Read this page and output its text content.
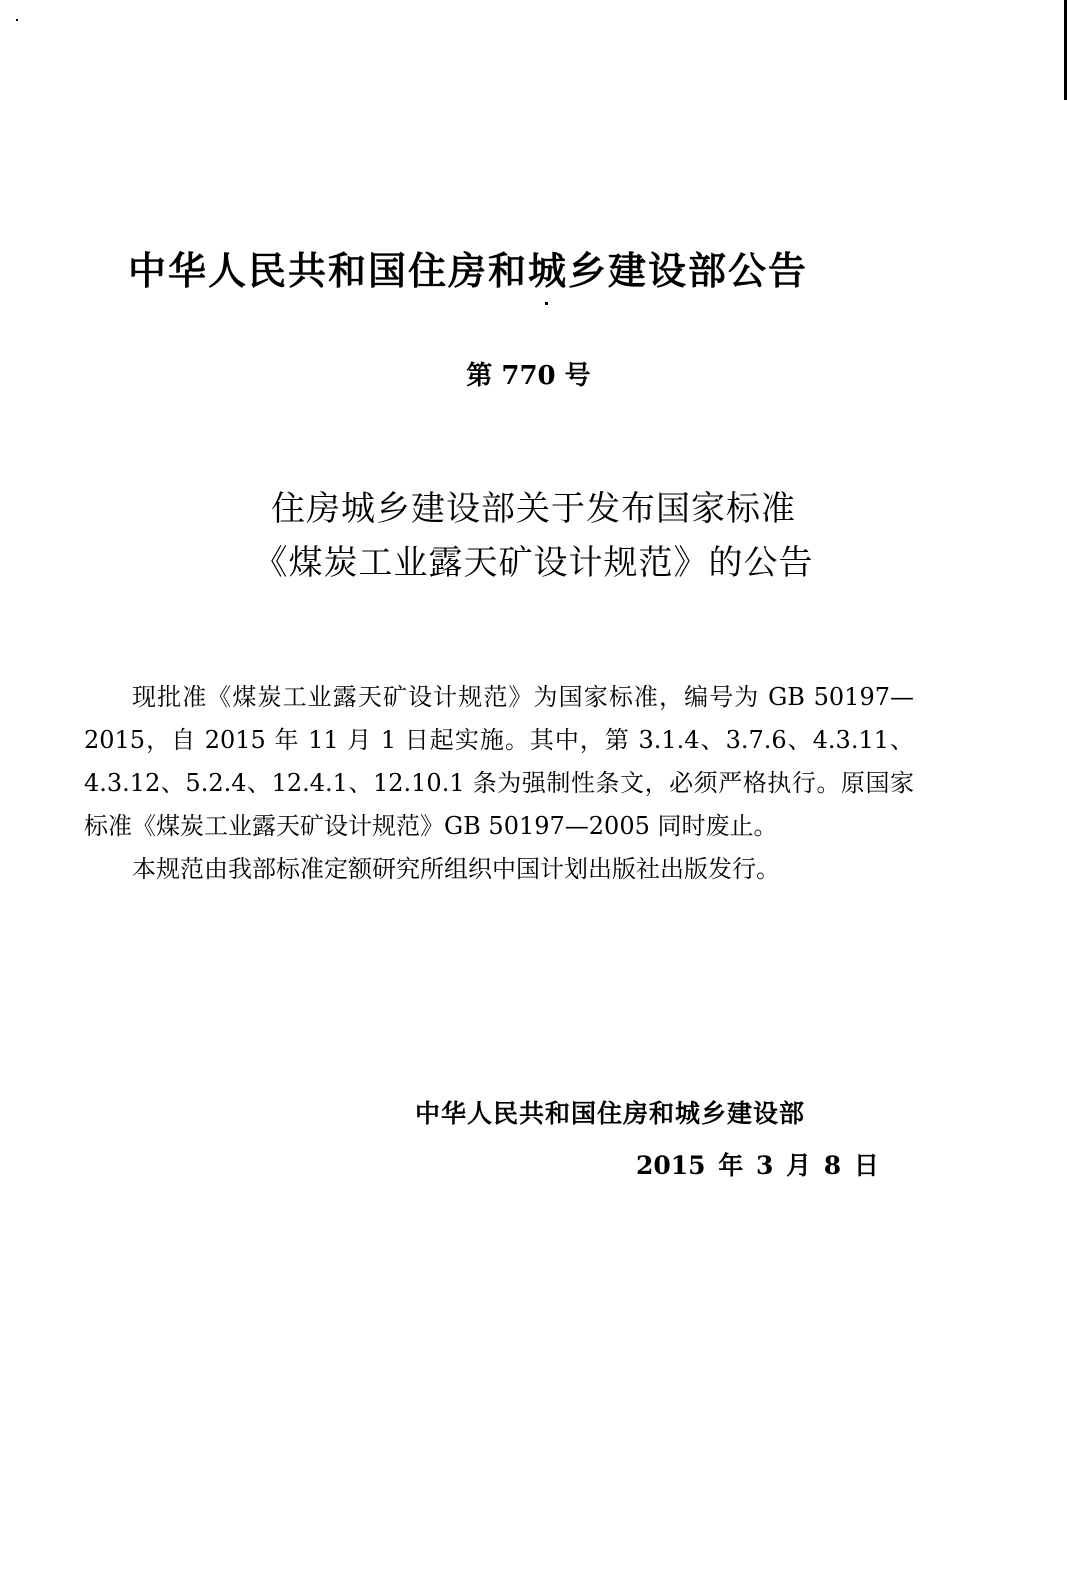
中华人民共和国住房和城乡建设部公告
第 770 号
住房城乡建设部关于发布国家标准
《煤炭工业露天矿设计规范》的公告

现批准《煤炭工业露天矿设计规范》为国家标准，编号为 GB 50197—2015，自 2015 年 11 月 1 日起实施。其中，第 3.1.4、3.7.6、4.3.11、4.3.12、5.2.4、12.4.1、12.10.1 条为强制性条文，必须严格执行。原国家标准《煤炭工业露天矿设计规范》GB 50197—2005 同时废止。

本规范由我部标准定额研究所组织中国计划出版社出版发行。

中华人民共和国住房和城乡建设部
2015 年 3 月 8 日
